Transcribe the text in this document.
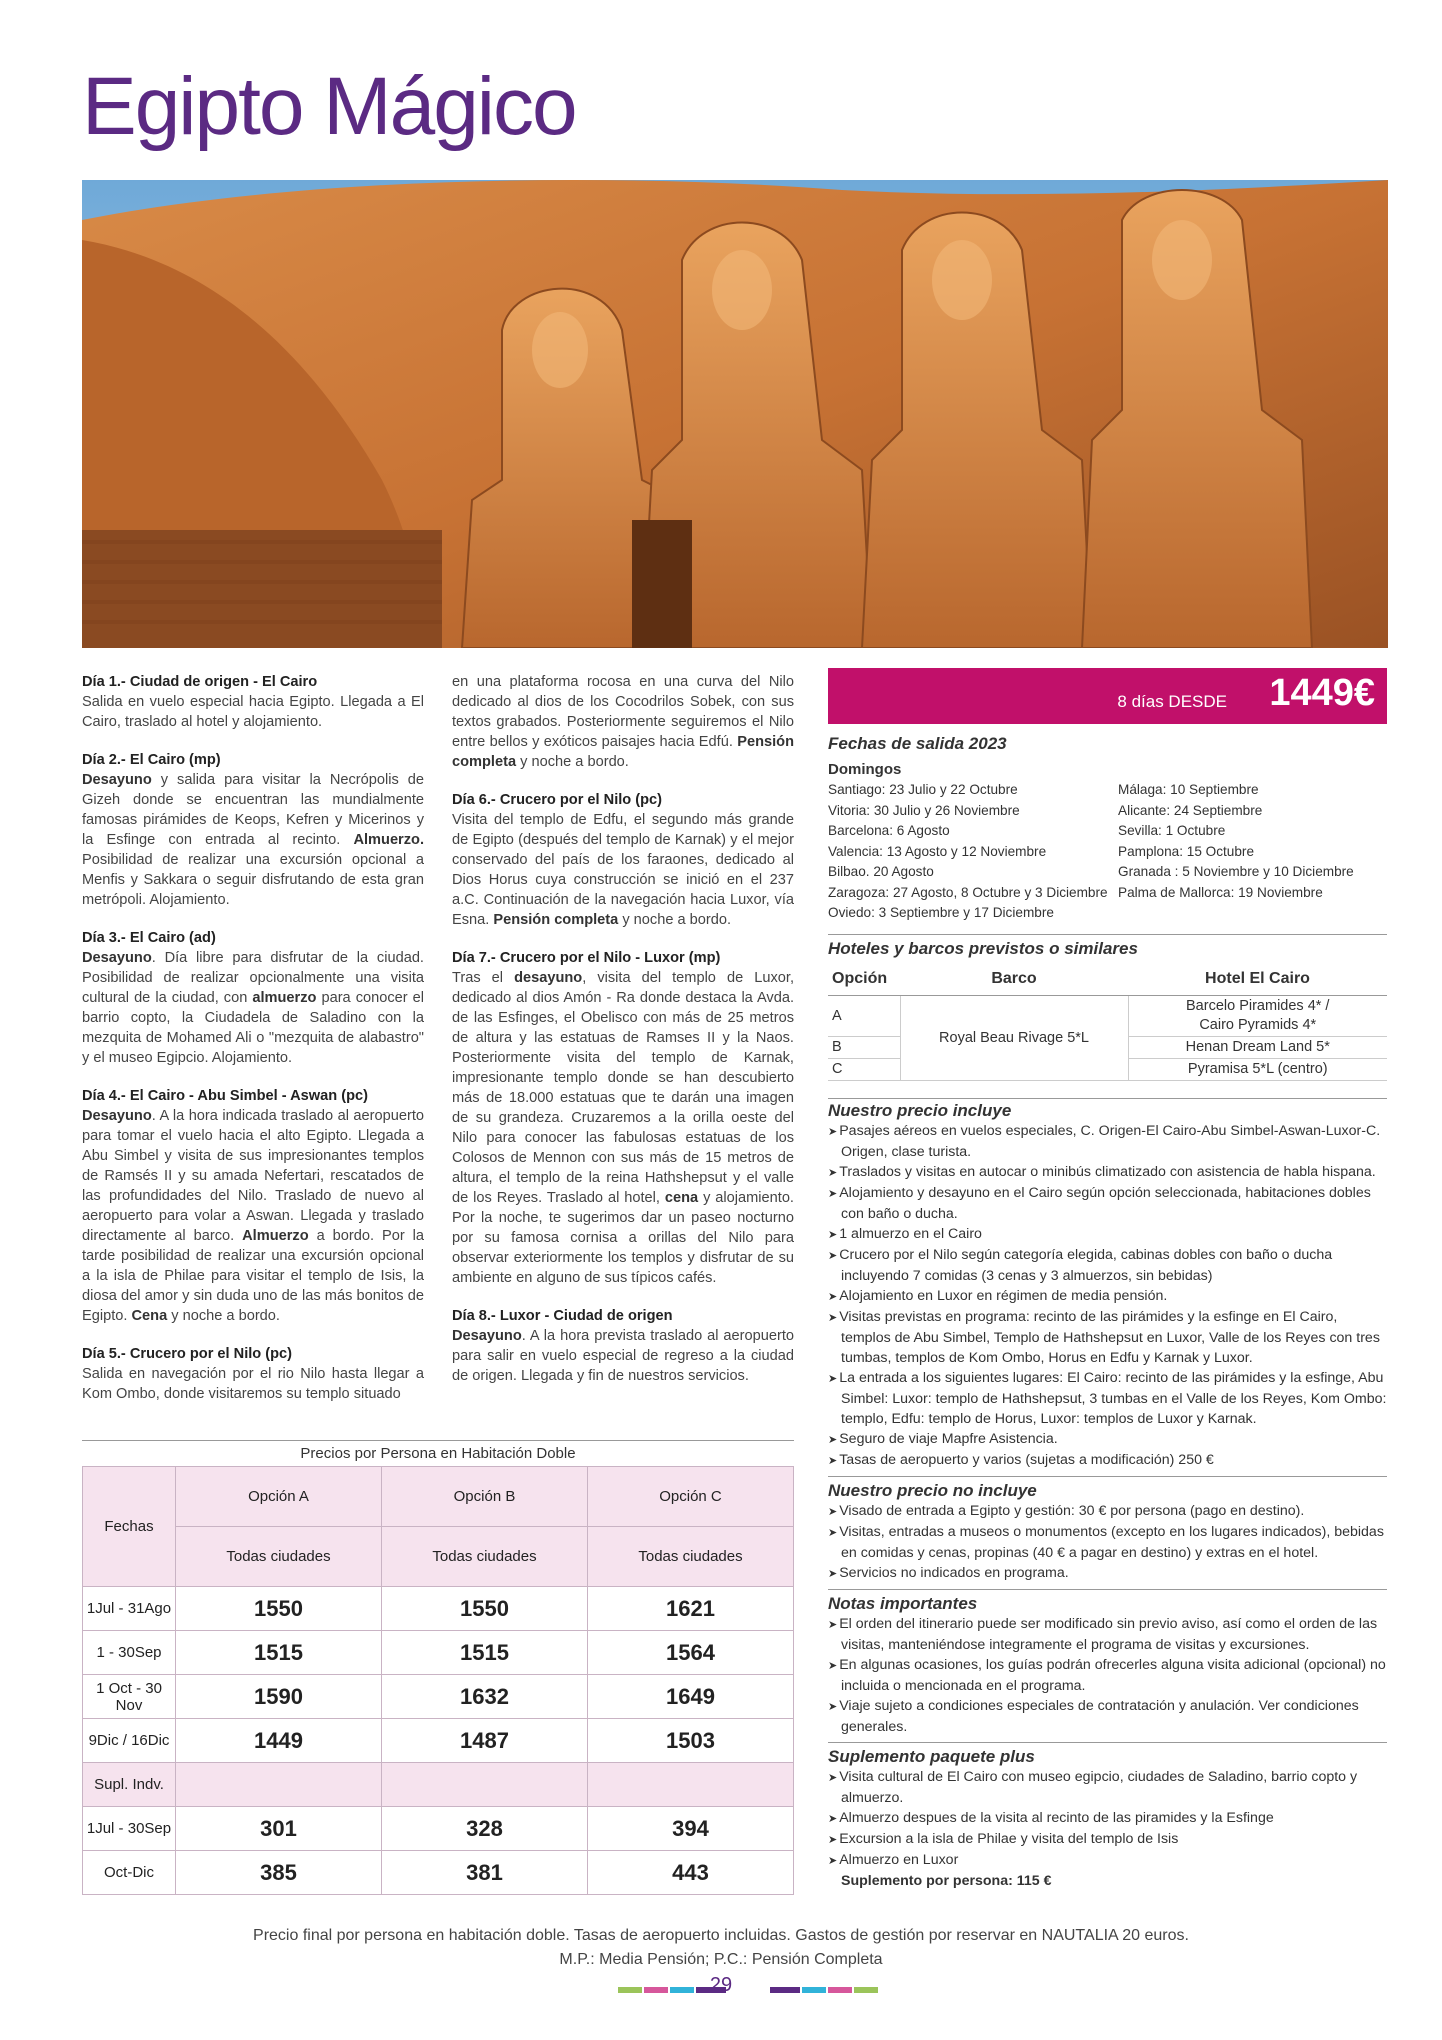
Egipto Mágico

Día 1.- Ciudad de origen - El Cairo
Salida en vuelo especial hacia Egipto. Llegada a El Cairo, traslado al hotel y alojamiento.

Día 2.- El Cairo (mp)
Desayuno y salida para visitar la Necrópolis de Gizeh donde se encuentran las mundialmente famosas pirámides de Keops, Kefren y Micerinos y la Esfinge con entrada al recinto. Almuerzo. Posibilidad de realizar una excursión opcional a Menfis y Sakkara o seguir disfrutando de esta gran metrópoli. Alojamiento.

Día 3.- El Cairo (ad)
Desayuno. Día libre para disfrutar de la ciudad. Posibilidad de realizar opcionalmente una visita cultural de la ciudad, con almuerzo para conocer el barrio copto, la Ciudadela de Saladino con la mezquita de Mohamed Ali o "mezquita de alabastro" y el museo Egipcio. Alojamiento.

Día 4.- El Cairo - Abu Simbel - Aswan (pc)
Desayuno. A la hora indicada traslado al aeropuerto para tomar el vuelo hacia el alto Egipto. Llegada a Abu Simbel y visita de sus impresionantes templos de Ramsés II y su amada Nefertari, rescatados de las profundidades del Nilo. Traslado de nuevo al aeropuerto para volar a Aswan. Llegada y traslado directamente al barco. Almuerzo a bordo. Por la tarde posibilidad de realizar una excursión opcional a la isla de Philae para visitar el templo de Isis, la diosa del amor y sin duda uno de las más bonitos de Egipto. Cena y noche a bordo.

Día 5.- Crucero por el Nilo (pc)
Salida en navegación por el rio Nilo hasta llegar a Kom Ombo, donde visitaremos su templo situado

en una plataforma rocosa en una curva del Nilo dedicado al dios de los Cocodrilos Sobek, con sus textos grabados. Posteriormente seguiremos el Nilo entre bellos y exóticos paisajes hacia Edfú. Pensión completa y noche a bordo.

Día 6.- Crucero por el Nilo (pc)
Visita del templo de Edfu, el segundo más grande de Egipto (después del templo de Karnak) y el mejor conservado del país de los faraones, dedicado al Dios Horus cuya construcción se inició en el 237 a.C. Continuación de la navegación hacia Luxor, vía Esna. Pensión completa y noche a bordo.

Día 7.- Crucero por el Nilo - Luxor (mp)
Tras el desayuno, visita del templo de Luxor, dedicado al dios Amón - Ra donde destaca la Avda. de las Esfinges, el Obelisco con más de 25 metros de altura y las estatuas de Ramses II y la Naos. Posteriormente visita del templo de Karnak, impresionante templo donde se han descubierto más de 18.000 estatuas que te darán una imagen de su grandeza. Cruzaremos a la orilla oeste del Nilo para conocer las fabulosas estatuas de los Colosos de Mennon con sus más de 15 metros de altura, el templo de la reina Hathshepsut y el valle de los Reyes. Traslado al hotel, cena y alojamiento. Por la noche, te sugerimos dar un paseo nocturno por su famosa cornisa a orillas del Nilo para observar exteriormente los templos y disfrutar de su ambiente en alguno de sus típicos cafés.

Día 8.- Luxor - Ciudad de origen
Desayuno. A la hora prevista traslado al aeropuerto para salir en vuelo especial de regreso a la ciudad de origen. Llegada y fin de nuestros servicios.

8 días DESDE 1449€
Fechas de salida 2023
Domingos
Santiago: 23 Julio y 22 Octubre
Vitoria: 30 Julio y 26 Noviembre
Barcelona: 6 Agosto
Valencia: 13 Agosto y 12 Noviembre
Bilbao. 20 Agosto
Zaragoza: 27 Agosto, 8 Octubre y 3 Diciembre
Oviedo: 3 Septiembre y 17 Diciembre
Málaga: 10 Septiembre
Alicante: 24 Septiembre
Sevilla: 1 Octubre
Pamplona: 15 Octubre
Granada : 5 Noviembre y 10 Diciembre
Palma de Mallorca: 19 Noviembre
Hoteles y barcos previstos o similares
Opción	Barco	Hotel El Cairo
A	Royal Beau Rivage 5*L	Barcelo Piramides 4* /
Cairo Pyramids 4*

B		Henan Dream Land 5*
C		Pyramisa 5*L (centro)
Nuestro precio incluye
➤ Pasajes aéreos en vuelos especiales, C. Origen-El Cairo-Abu Simbel-Aswan-Luxor-C. Origen, clase turista.
➤ Traslados y visitas en autocar o minibús climatizado con asistencia de habla hispana.
➤ Alojamiento y desayuno en el Cairo según opción seleccionada, habitaciones dobles con baño o ducha.
➤ 1 almuerzo en el Cairo
➤ Crucero por el Nilo según categoría elegida, cabinas dobles con baño o ducha incluyendo 7 comidas (3 cenas y 3 almuerzos, sin bebidas)
➤ Alojamiento en Luxor en régimen de media pensión.
➤ Visitas previstas en programa: recinto de las pirámides y la esfinge en El Cairo, templos de Abu Simbel, Templo de Hathshepsut en Luxor, Valle de los Reyes con tres tumbas, templos de Kom Ombo, Horus en Edfu y Karnak y Luxor.
➤ La entrada a los siguientes lugares: El Cairo: recinto de las pirámides y la esfinge, Abu Simbel: Luxor: templo de Hathshepsut, 3 tumbas en el Valle de los Reyes, Kom Ombo: templo, Edfu: templo de Horus, Luxor: templos de Luxor y Karnak.
➤ Seguro de viaje Mapfre Asistencia.
➤ Tasas de aeropuerto y varios (sujetas a modificación) 250 €
Nuestro precio no incluye
➤ Visado de entrada a Egipto y gestión: 30 € por persona (pago en destino).
➤ Visitas, entradas a museos o monumentos (excepto en los lugares indicados), bebidas en comidas y cenas, propinas (40 € a pagar en destino) y extras en el hotel.
➤ Servicios no indicados en programa.
Notas importantes
➤ El orden del itinerario puede ser modificado sin previo aviso, así como el orden de las visitas, manteniéndose integramente el programa de visitas y excursiones.
➤ En algunas ocasiones, los guías podrán ofrecerles alguna visita adicional (opcional) no incluida o mencionada en el programa.
➤ Viaje sujeto a condiciones especiales de contratación y anulación. Ver condiciones generales.
Suplemento paquete plus
➤ Visita cultural de El Cairo con museo egipcio, ciudades de Saladino, barrio copto y almuerzo.
➤ Almuerzo despues de la visita al recinto de las piramides y la Esfinge
➤ Excursion a la isla de Philae y visita del templo de Isis
➤ Almuerzo en Luxor
Suplemento por persona: 115 €
Precios por Persona en Habitación Doble
Fechas	Opción A	Opción B	Opción C
	Todas ciudades	Todas ciudades	Todas ciudades
1Jul - 31Ago	1550	1550	1621
1 - 30Sep	1515	1515	1564
1 Oct - 30 Nov	1590	1632	1649
9Dic / 16Dic	1449	1487	1503
Supl. Indv.			
1Jul - 30Sep	301	328	394
Oct-Dic	385	381	443
Precio final por persona en habitación doble. Tasas de aeropuerto incluidas. Gastos de gestión por reservar en NAUTALIA 20 euros.
M.P.: Media Pensión; P.C.: Pensión Completa
29
